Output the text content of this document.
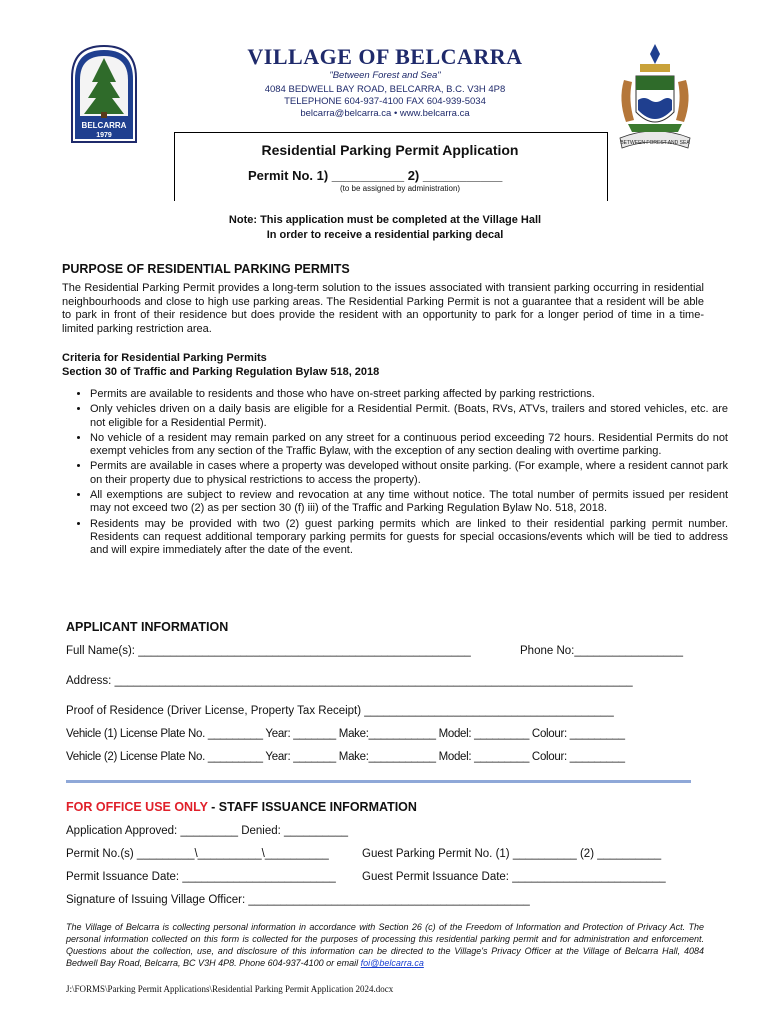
BELCARRA
1979
VILLAGE OF BELCARRA
"Between Forest and Sea"
4084 BEDWELL BAY ROAD, BELCARRA, B.C. V3H 4P8
TELEPHONE 604-937-4100 FAX 604-939-5034
belcarra@belcarra.ca • www.belcarra.ca
BETWEEN FOREST AND SEA
Residential Parking Permit Application
Permit No. 1) __________ 2) ___________
(to be assigned by administration)
Note: This application must be completed at the Village Hall
In order to receive a residential parking decal
PURPOSE OF RESIDENTIAL PARKING PERMITS
The Residential Parking Permit provides a long-term solution to the issues associated with transient parking occurring in residential neighbourhoods and close to high use parking areas. The Residential Parking Permit is not a guarantee that a resident will be able to park in front of their residence but does provide the resident with an opportunity to park for a longer period of time in a time-limited parking restriction area.
Criteria for Residential Parking Permits
Section 30 of Traffic and Parking Regulation Bylaw 518, 2018
• Permits are available to residents and those who have on-street parking affected by parking restrictions.
• Only vehicles driven on a daily basis are eligible for a Residential Permit. (Boats, RVs, ATVs, trailers and stored vehicles, etc. are not eligible for a Residential Permit).
• No vehicle of a resident may remain parked on any street for a continuous period exceeding 72 hours. Residential Permits do not exempt vehicles from any section of the Traffic Bylaw, with the exception of any section dealing with overtime parking.
• Permits are available in cases where a property was developed without onsite parking. (For example, where a resident cannot park on their property due to physical restrictions to access the property).
• All exemptions are subject to review and revocation at any time without notice. The total number of permits issued per resident may not exceed two (2) as per section 30 (f) iii) of the Traffic and Parking Regulation Bylaw No. 518, 2018.
• Residents may be provided with two (2) guest parking permits which are linked to their residential parking permit number. Residents can request additional temporary parking permits for guests for special occasions/events which will be tied to address and will expire immediately after the date of the event.
APPLICANT INFORMATION
Full Name(s): ____________________________________________________	Phone No:_________________
Address: _________________________________________________________________________________
Proof of Residence (Driver License, Property Tax Receipt) _______________________________________
Vehicle (1) License Plate No. _________ Year: _______ Make:___________ Model: _________ Colour: _________
Vehicle (2) License Plate No. _________ Year: _______ Make:___________ Model: _________ Colour: _________
FOR OFFICE USE ONLY - STAFF ISSUANCE INFORMATION
Application Approved: _________ Denied: __________
Permit No.(s) _________\__________\__________	Guest Parking Permit No. (1) __________ (2) __________
Permit Issuance Date: ________________________ Guest Permit Issuance Date: ________________________
Signature of Issuing Village Officer: ____________________________________________
The Village of Belcarra is collecting personal information in accordance with Section 26 (c) of the Freedom of Information and Protection of Privacy Act. The personal information collected on this form is collected for the purposes of processing this residential parking permit and for administration and enforcement. Questions about the collection, use, and disclosure of this information can be directed to the Village's Privacy Officer at the Village of Belcarra Hall, 4084 Bedwell Bay Road, Belcarra, BC V3H 4P8. Phone 604-937-4100 or email foi@belcarra.ca
J:\FORMS\Parking Permit Applications\Residential Parking Permit Application 2024.docx
